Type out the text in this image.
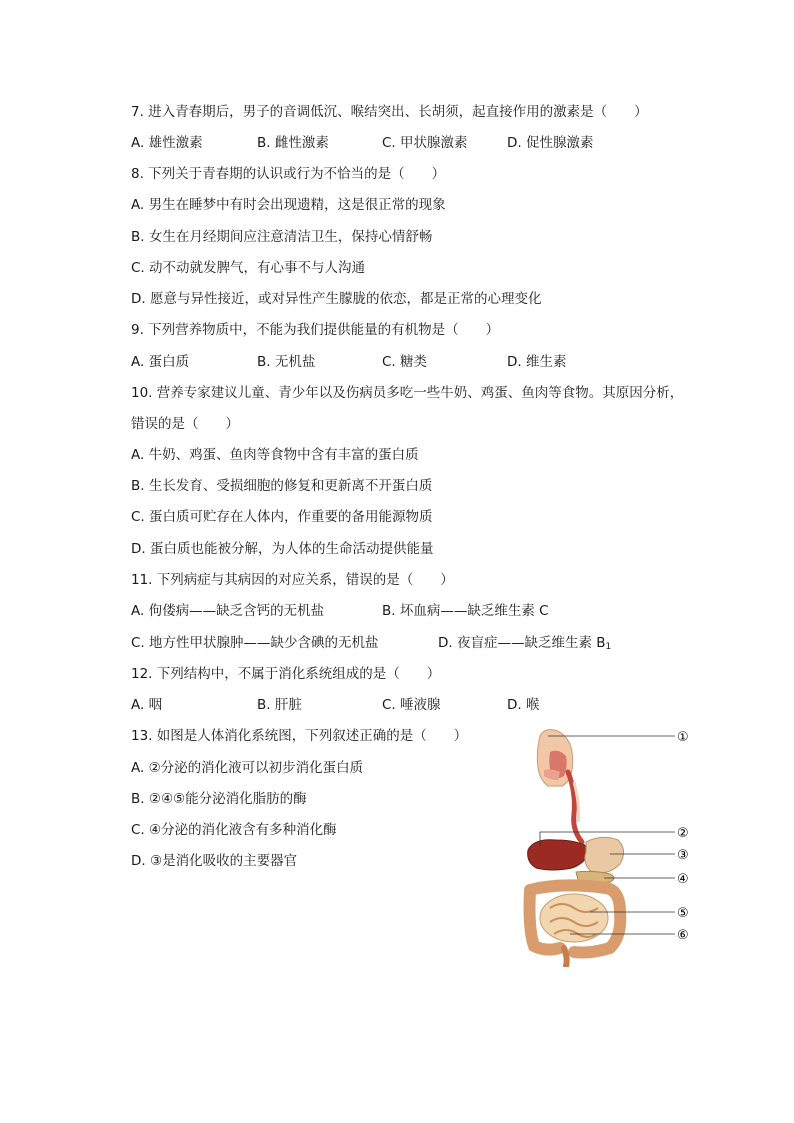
7. 进入青春期后，男子的音调低沉、喉结突出、长胡须，起直接作用的激素是（　　）
A. 雄性激素	B. 雌性激素	C. 甲状腺激素	D. 促性腺激素
8. 下列关于青春期的认识或行为不恰当的是（　　）
A. 男生在睡梦中有时会出现遗精，这是很正常的现象
B. 女生在月经期间应注意清洁卫生，保持心情舒畅
C. 动不动就发脾气，有心事不与人沟通
D. 愿意与异性接近，或对异性产生朦胧的依恋，都是正常的心理变化
9. 下列营养物质中，不能为我们提供能量的有机物是（　　）
A. 蛋白质	B. 无机盐	C. 糖类	D. 维生素
10. 营养专家建议儿童、青少年以及伤病员多吃一些牛奶、鸡蛋、鱼肉等食物。其原因分析，
错误的是（　　）
A. 牛奶、鸡蛋、鱼肉等食物中含有丰富的蛋白质
B. 生长发育、受损细胞的修复和更新离不开蛋白质
C. 蛋白质可贮存在人体内，作重要的备用能源物质
D. 蛋白质也能被分解，为人体的生命活动提供能量
11. 下列病症与其病因的对应关系，错误的是（　　）
A. 佝偻病——缺乏含钙的无机盐	B. 坏血病——缺乏维生素 C
C. 地方性甲状腺肿——缺少含碘的无机盐	D. 夜盲症——缺乏维生素 $B_1$
12. 下列结构中，不属于消化系统组成的是（　　）
A. 咽	B. 肝脏	C. 唾液腺	D. 喉
13. 如图是人体消化系统图，下列叙述正确的是（　　）
A. ②分泌的消化液可以初步消化蛋白质
B. ②④⑤能分泌消化脂肪的酶
C. ④分泌的消化液含有多种消化酶
D. ③是消化吸收的主要器官
①
②
③
④
⑤
⑥
